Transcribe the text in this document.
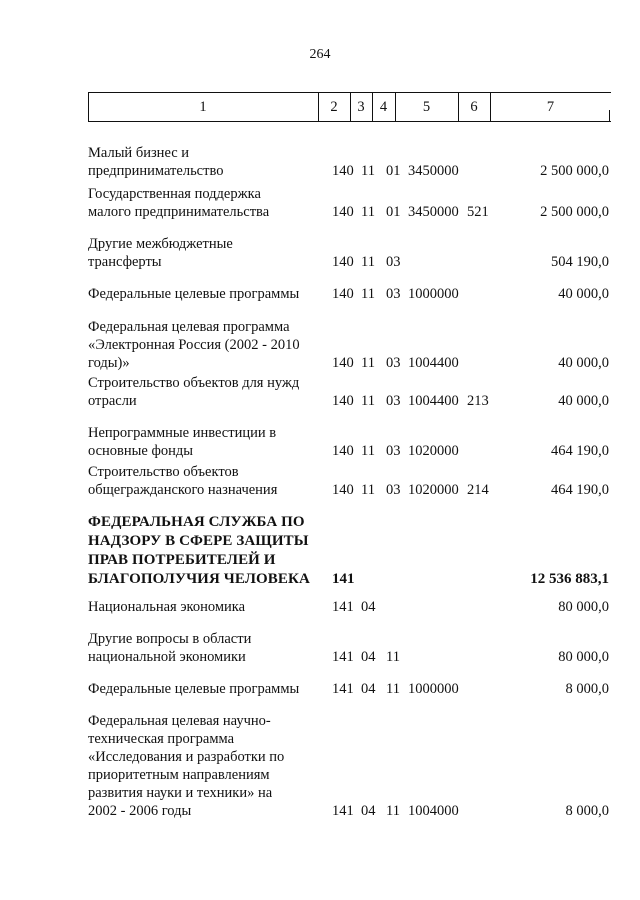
264
1	2	3	4	5	6	7
Малый бизнес и
предпринимательство	140 11 01 3450000	2 500 000,0
Государственная поддержка
малого предпринимательства	140 11 01 3450000 521	2 500 000,0
Другие межбюджетные
трансферты	140 11 03	504 190,0
Федеральные целевые программы	140 11 03 1000000	40 000,0
Федеральная целевая программа
«Электронная Россия (2002 - 2010
годы)»	140 11 03 1004400	40 000,0
Строительство объектов для нужд
отрасли	140 11 03 1004400 213	40 000,0
Непрограммные инвестиции в
основные фонды	140 11 03 1020000	464 190,0
Строительство объектов
общегражданского назначения	140 11 03 1020000 214	464 190,0
ФЕДЕРАЛЬНАЯ СЛУЖБА ПО
НАДЗОРУ В СФЕРЕ ЗАЩИТЫ
ПРАВ ПОТРЕБИТЕЛЕЙ И
БЛАГОПОЛУЧИЯ ЧЕЛОВЕКА	141	12 536 883,1
Национальная экономика	141 04	80 000,0
Другие вопросы в области
национальной экономики	141 04 11	80 000,0
Федеральные целевые программы	141 04 11 1000000	8 000,0
Федеральная целевая научно-
техническая программа
«Исследования и разработки по
приоритетным направлениям
развития науки и техники» на
2002 - 2006 годы	141 04 11 1004000	8 000,0
